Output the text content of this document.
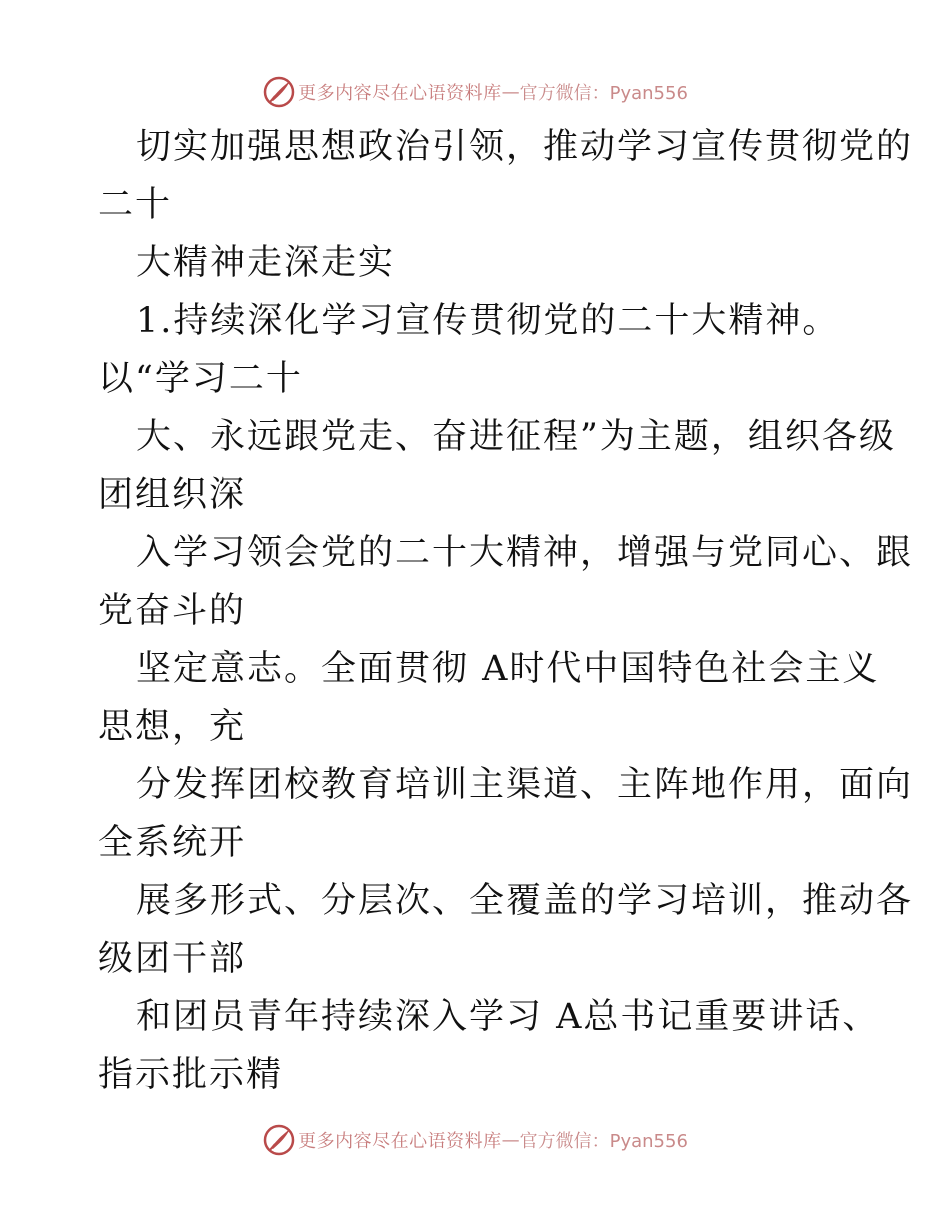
更多内容尽在心语资料库 — 官方微信：Pyan556
切实加强思想政治引领，推动学习宣传贯彻党的
二十
大精神走深走实
1.持续深化学习宣传贯彻党的二十大精神。
以“学习二十
大、永远跟党走、奋进征程”为主题，组织各级
团组织深
入学习领会党的二十大精神，增强与党同心、跟
党奋斗的
坚定意志。全面贯彻 A时代中国特色社会主义
思想，充
分发挥团校教育培训主渠道、主阵地作用，面向
全系统开
展多形式、分层次、全覆盖的学习培训，推动各
级团干部
和团员青年持续深入学习 A总书记重要讲话、
指示批示精
更多内容尽在心语资料库 — 官方微信：Pyan556
